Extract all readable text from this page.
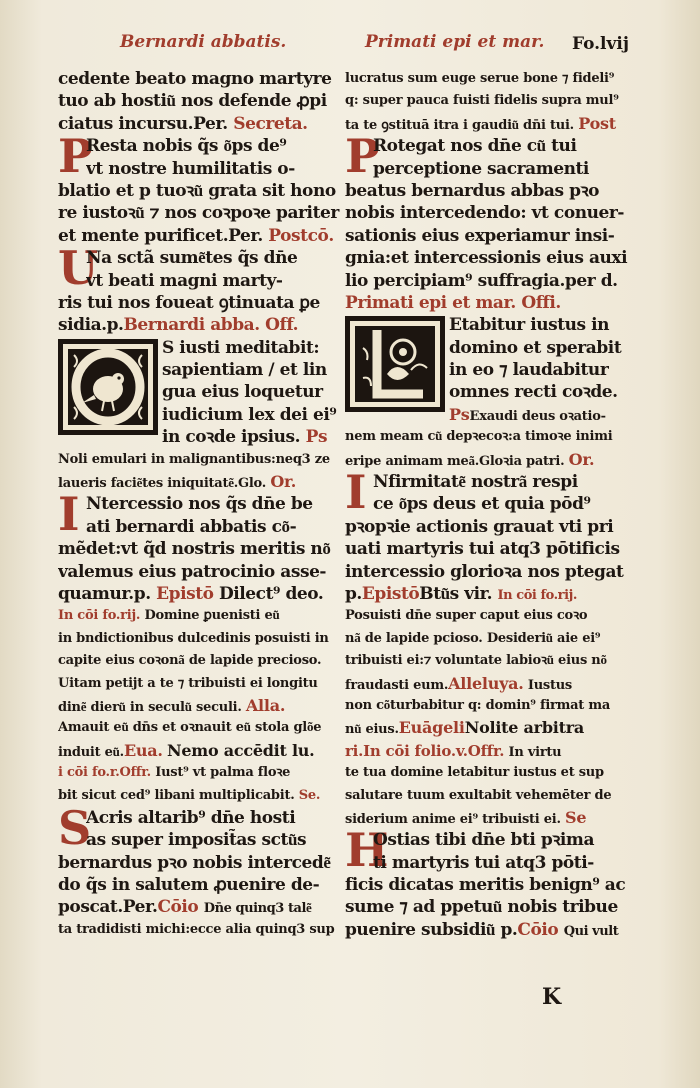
Bernardi abbatis.
cedente beato magno martyre
tuo ab hostiu͂ nos defende ꝓpi
ciatus incursu.Per. Secreta.
P
Resta nobis q̃s o͂ps de⁹
vt nostre humilitatis o-
blatio et p tuoꝛu͂ grata sit hono
re iustoꝛu͂ ⁊ nos coꝛpoꝛe pariter
et mente purificet.Per. Postcō.
U
Na sctã sume͂tes q̃s dn̄e
vt beati magni marty-
ris tui nos foueat ꝯtinuata ꝑe
sidia.p.Bernardi abba. Off.
S iusti meditabit:
sapientiam / et lin
gua eius loquetur
iudicium lex dei ei⁹
in coꝛde ipsius. Ps
Noli emulari in malignantibus:neq3 ze
laueris facie͂tes iniquitate͂.Glo. Or.
I Ntercessio nos q̃s dn̄e be
ati bernardi abbatis co͂-
mẽdet:vt q̃d nostris meritis no͂
valemus eius patrocinio asse-
quamur.p. Epistō Dilect⁹ deo.
In cōi fo.rij. Domine ꝑuenisti eu͂
in bndictionibus dulcedinis posuisti in
capite eius coꝛona͂ de lapide precioso.
Uitam petijt a te ⁊ tribuisti ei longitu
dine͂ dieru͂ in seculu͂ seculi. Alla.
Amauit eu͂ dn̄s et oꝛnauit eu͂ stola glo͂e
induit eu͂.Eua. Nemo accēdit lu.
i cōi fo.r.Offr. Iust⁹ vt palma floꝛe
bit sicut ced⁹ libani multiplicabit. Se.
S
Acris altarib⁹ dn̄e hosti
as super imposit̃as sctu͂s
bernardus pꝛo nobis intercede͂
do q̃s in salutem ꝓuenire de-
poscat.Per.Cōio Dn̄e quinq3 tale͂
ta tradidisti michi:ecce alia quinq3 sup
Primati epi et mar. Fo.lvij
lucratus sum euge serue bone ⁊ fideli⁹
q: super pauca fuisti fidelis supra mul⁹
ta te ꝯstituā itra i gaudiu͂ dn̄i tui. Post
P
Rotegat nos dn̄e cu͂ tui
perceptione sacramenti
beatus bernardus abbas pꝛo
nobis intercedendo: vt conuer-
sationis eius experiamur insi-
gnia:et intercessionis eius auxi
lio percipiam⁹ suffragia.per d.
Primati epi et mar. Offi.
Etabitur iustus in
domino et sperabit
in eo ⁊ laudabitur
omnes recti coꝛde.
PsExaudi deus oꝛatio-
nem meam cu͂ depꝛecoꝛ:a timoꝛe inimi
eripe animam mea͂.Gloꝛia patri. Or.
I Nfirmitate͂ nostra͂ respi
ce o͂ps deus et quia pōd⁹
pꝛopꝛie actionis grauat vti pri
uati martyris tui atq3 pōtificis
intercessio glorioꝛa nos ptegat
p.EpistōBtu͂s vir. In cōi fo.rij.
Posuisti dn̄e super caput eius coꝛo
na͂ de lapide pcioso. Desideriu͂ aie ei⁹
tribuisti ei:⁊ voluntate labioꝛu͂ eius no͂
fraudasti eum.Alleluya. Iustus
non co͂turbabitur q: domin⁹ firmat ma
nu͂ eius.EuāgeliNolite arbitra
ri.In cōi folio.v.Offr. In virtu
te tua domine letabitur iustus et sup
salutare tuum exultabit vehemēter de
siderium anime ei⁹ tribuisti ei. Se
H
Ostias tibi dn̄e bti pꝛima
ti martyris tui atq3 pōti-
ficis dicatas meritis benign⁹ ac
sume ⁊ ad ppetuu͂ nobis tribue
puenire subsidiu͂ p.Cōio Qui vult
K
